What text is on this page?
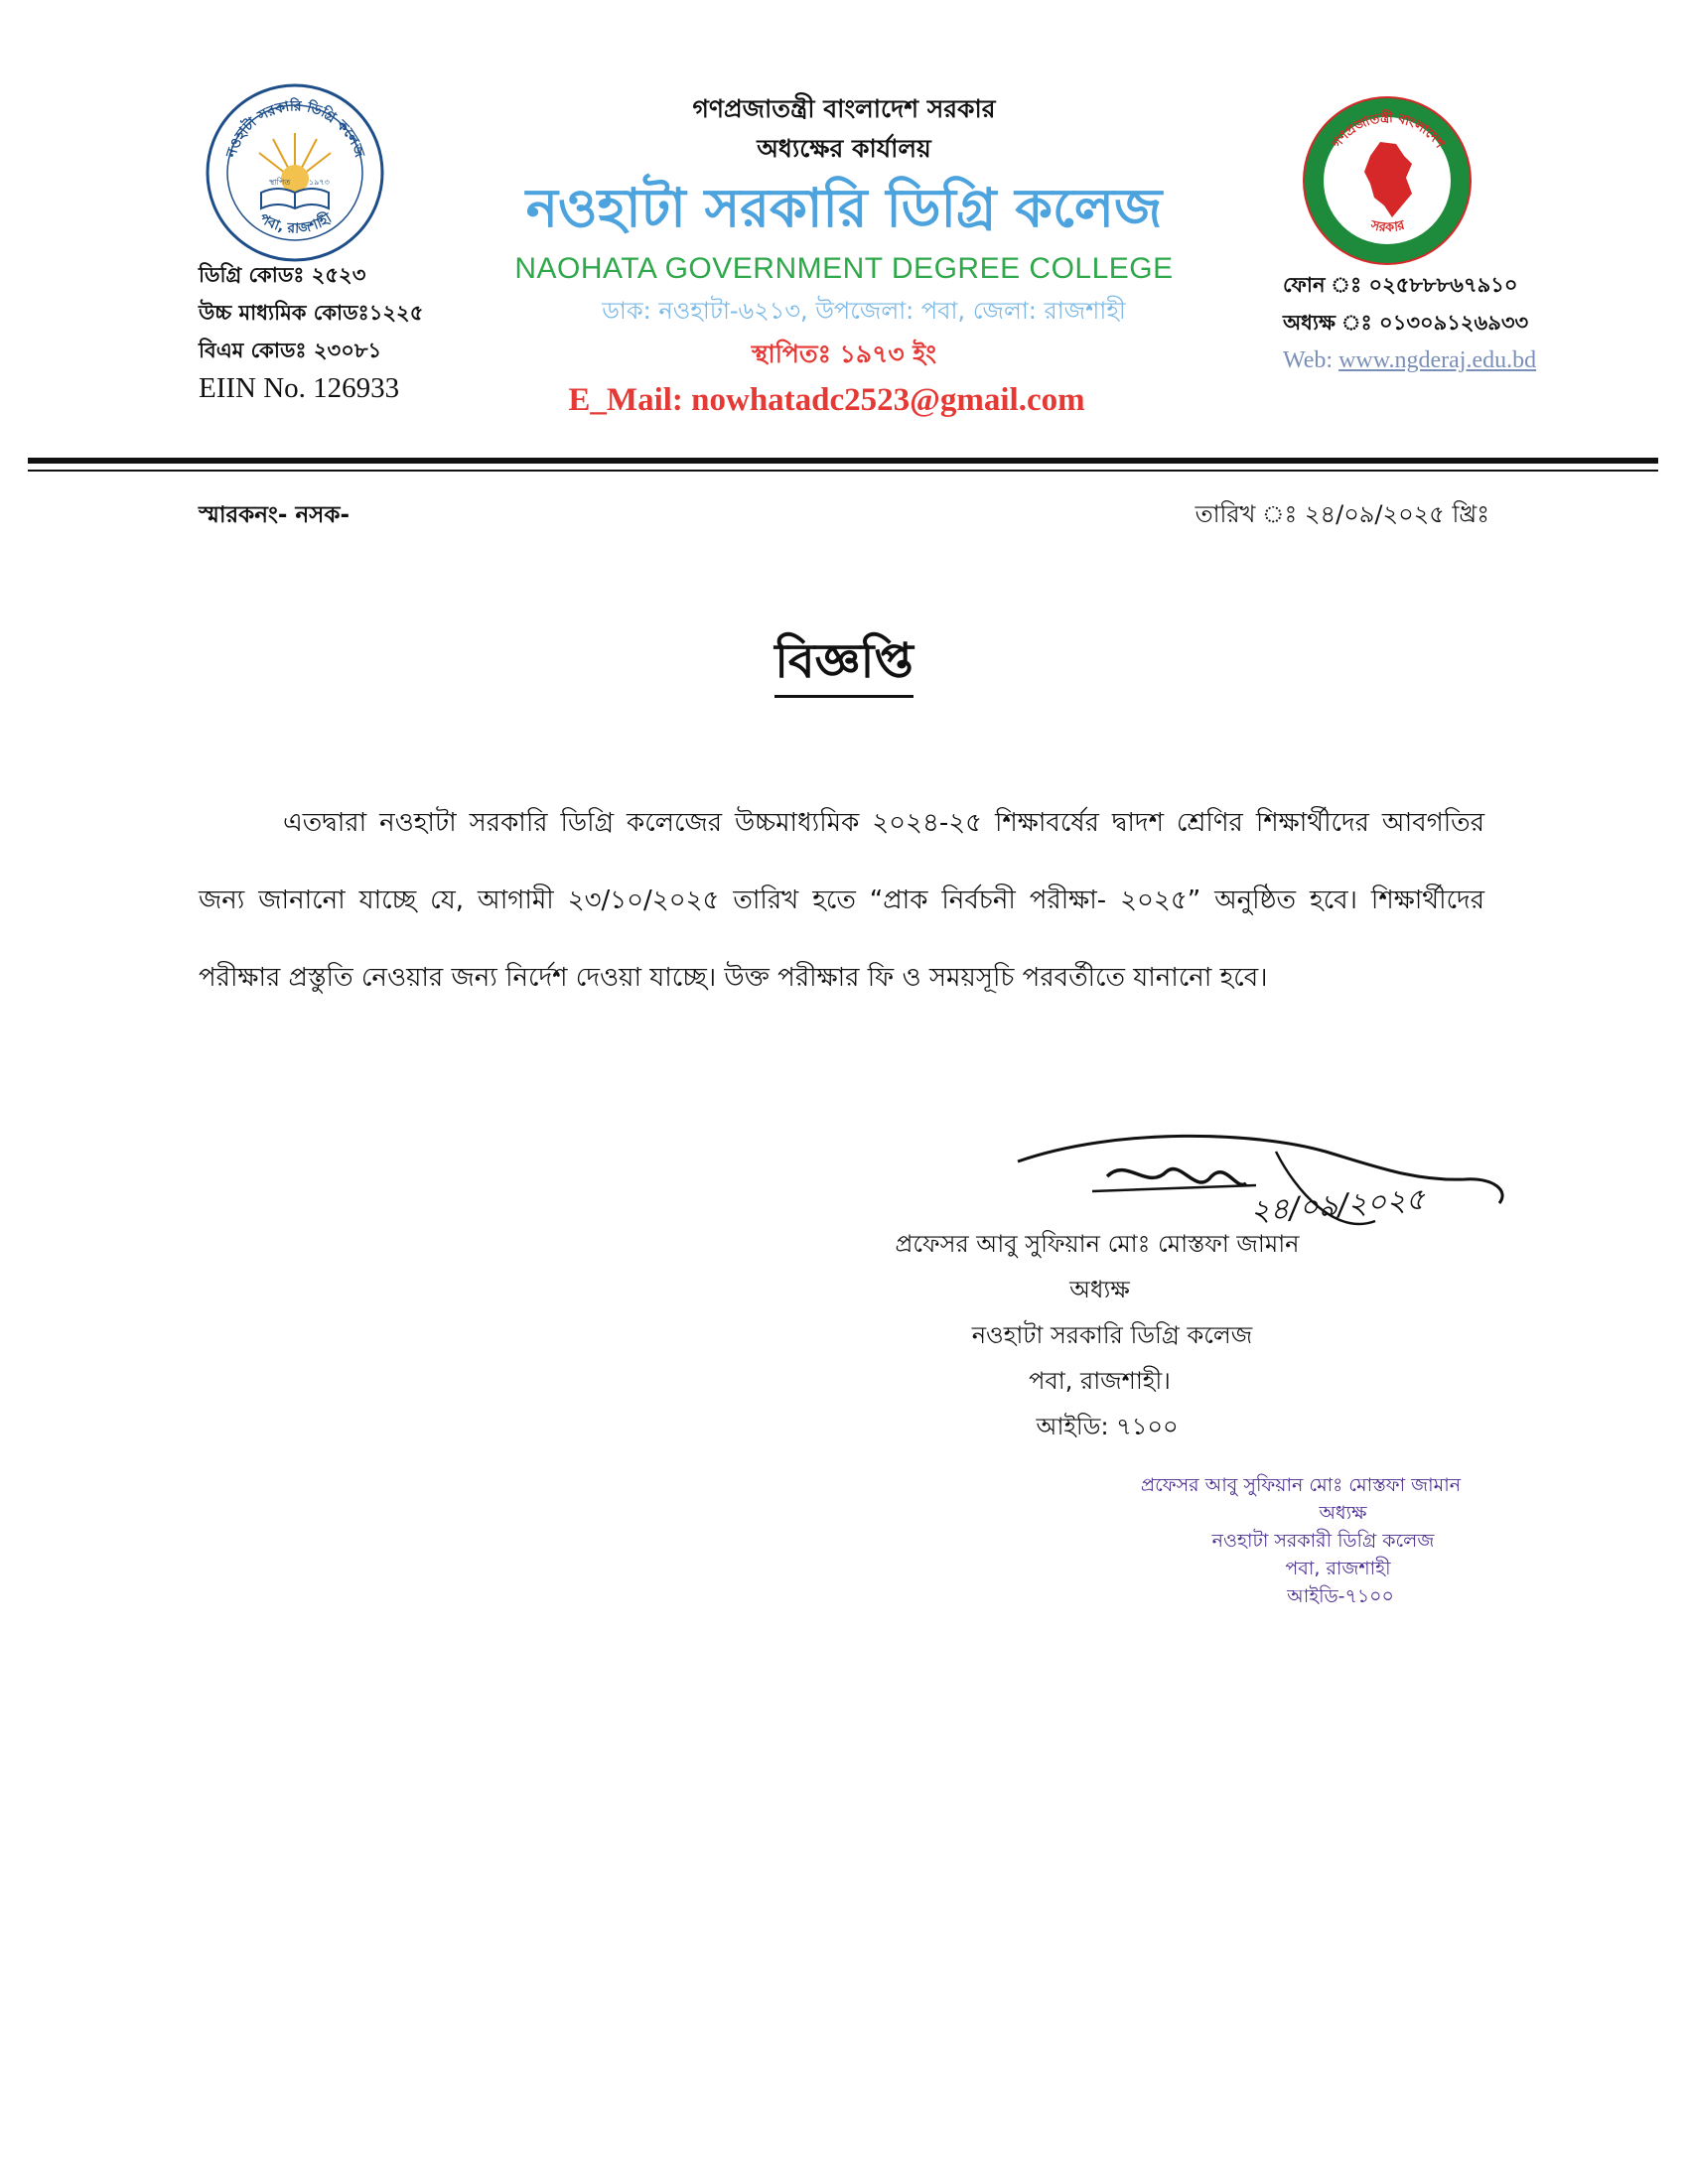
নওহাটা সরকারি ডিগ্রি কলেজ
পবা, রাজশাহী
স্থাপিত ১৯৭৩
গণপ্রজাতন্ত্রী বাংলাদেশ
সরকার
ডিগ্রি কোডঃ ২৫২৩
উচ্চ মাধ্যমিক কোডঃ১২২৫
বিএম কোডঃ ২৩০৮১
EIIN No. 126933
গণপ্রজাতন্ত্রী বাংলাদেশ সরকার
অধ্যক্ষের কার্যালয়
নওহাটা সরকারি ডিগ্রি কলেজ
NAOHATA GOVERNMENT DEGREE COLLEGE
ডাক: নওহাটা-৬২১৩, উপজেলা: পবা, জেলা: রাজশাহী
স্থাপিতঃ ১৯৭৩ ইং
E_Mail: nowhatadc2523@gmail.com
ফোন ঃ ০২৫৮৮৮৬৭৯১০
অধ্যক্ষ ঃ ০১৩০৯১২৬৯৩৩
Web: www.ngderaj.edu.bd
স্মারকনং- নসক-	তারিখ ঃ ২৪/০৯/২০২৫ খ্রিঃ
বিজ্ঞপ্তি
এতদ্বারা নওহাটা সরকারি ডিগ্রি কলেজের উচ্চমাধ্যমিক ২০২৪-২৫ শিক্ষাবর্ষের দ্বাদশ শ্রেণির শিক্ষার্থীদের আবগতির জন্য জানানো যাচ্ছে যে, আগামী ২৩/১০/২০২৫ তারিখ হতে “প্রাক নির্বচনী পরীক্ষা- ২০২৫” অনুষ্ঠিত হবে। শিক্ষার্থীদের পরীক্ষার প্রস্তুতি নেওয়ার জন্য নির্দেশ দেওয়া যাচ্ছে। উক্ত পরীক্ষার ফি ও সময়সূচি পরবর্তীতে যানানো হবে।
২৪/০৯/২০২৫
প্রফেসর আবু সুফিয়ান মোঃ মোস্তফা জামান
অধ্যক্ষ
নওহাটা সরকারি ডিগ্রি কলেজ
পবা, রাজশাহী।
আইডি: ৭১০০
প্রফেসর আবু সুফিয়ান মোঃ মোস্তফা জামান
অধ্যক্ষ
নওহাটা সরকারী ডিগ্রি কলেজ
পবা, রাজশাহী
আইডি-৭১০০
